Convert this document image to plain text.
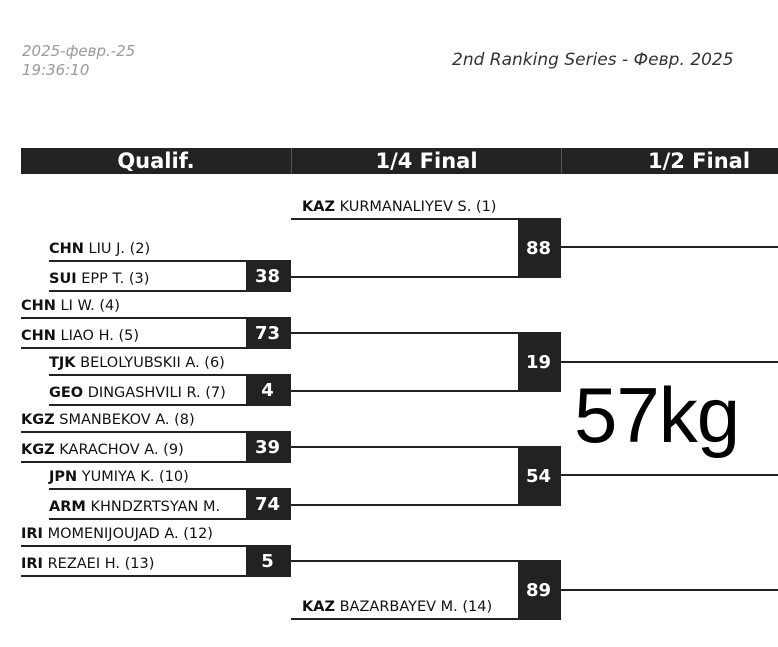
2025-февр.-25
19:36:10	2nd Ranking Series - Февр. 2025
Qualif.	1/4 Final	1/2 Final
KAZ KURMANALIYEV S. (1)
CHN LIU J. (2)
SUI EPP T. (3)
CHN LI W. (4)
CHN LIAO H. (5)
TJK BELOLYUBSKII A. (6)
GEO DINGASHVILI R. (7)
KGZ SMANBEKOV A. (8)
KGZ KARACHOV A. (9)
JPN YUMIYA K. (10)
ARM KHNDZRTSYAN M.
IRI MOMENIJOUJAD A. (12)
IRI REZAEI H. (13)
KAZ BAZARBAYEV M. (14)
38
73
4
39
74
5
88
19
54
89
57kg
